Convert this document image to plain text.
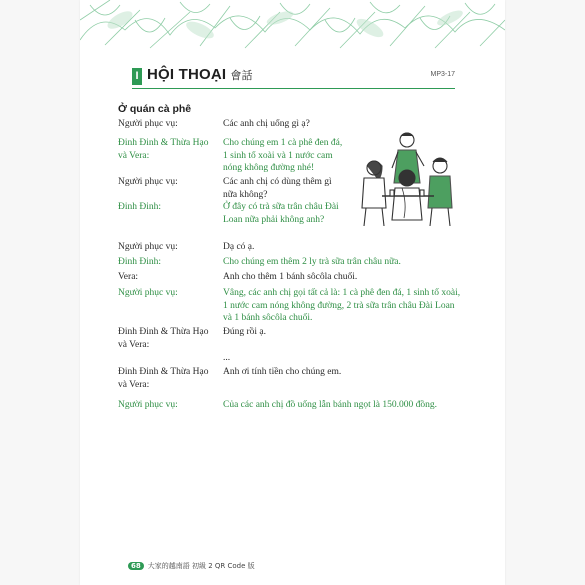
I HỘI THOẠI 會話	MP3-17
Ở quán cà phê
Người phục vụ:	Các anh chị uống gì ạ?
Đinh Đinh & Thừa Hạo và Vera:
Cho chúng em 1 cà phê đen đá, 1 sinh tố xoài và 1 nước cam nóng không đường nhé!
Người phục vụ:	Các anh chị có dùng thêm gì nữa không?
Đinh Đinh:	Ở đây có trà sữa trân châu Đài Loan nữa phải không anh?
Người phục vụ:	Dạ có ạ.
Đinh Đinh:	Cho chúng em thêm 2 ly trà sữa trân châu nữa.
Vera:	Anh cho thêm 1 bánh sôcôla chuối.
Người phục vụ:	Vâng, các anh chị gọi tất cả là: 1 cà phê đen đá, 1 sinh tố xoài, 1 nước cam nóng không đường, 2 trà sữa trân châu Đài Loan và 1 bánh sôcôla chuối.
Đinh Đinh & Thừa Hạo và Vera:
Đúng rồi ạ.
...
Đinh Đinh & Thừa Hạo và Vera:
Anh ơi tính tiền cho chúng em.
Người phục vụ:	Của các anh chị đồ uống lẫn bánh ngọt là 150.000 đồng.
68 大家的越南語 初級 2 QR Code 版
